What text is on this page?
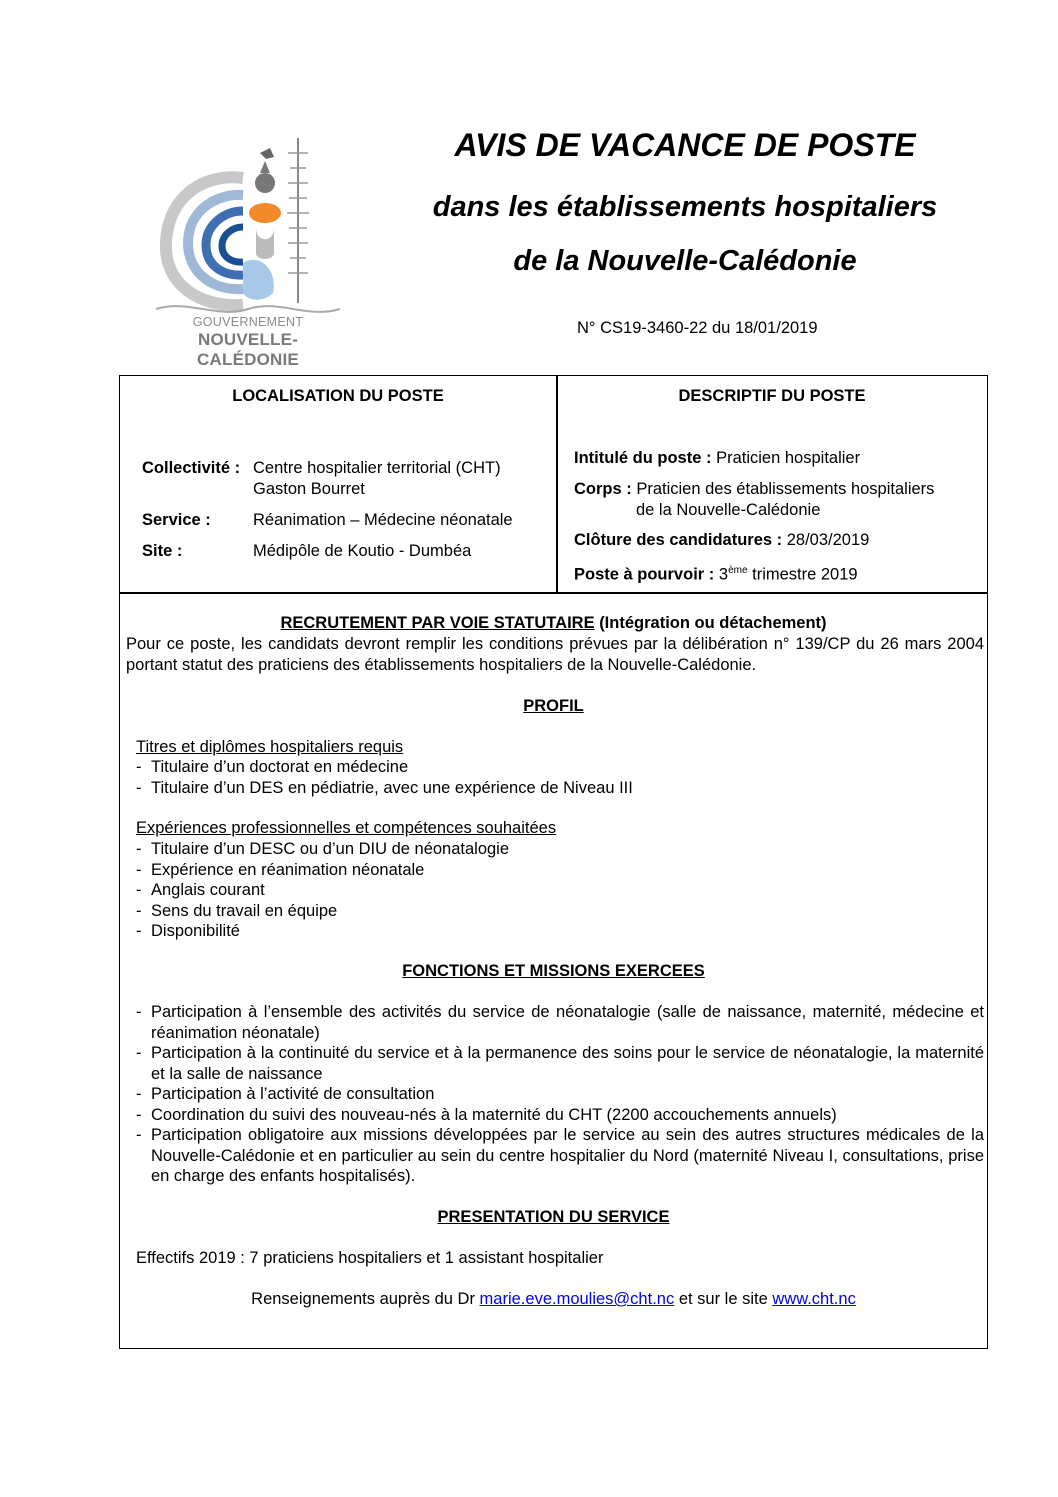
GOUVERNEMENT
NOUVELLE-CALÉDONIE
AVIS DE VACANCE DE POSTE
dans les établissements hospitaliers
de la Nouvelle-Calédonie
N° CS19-3460-22 du 18/01/2019
LOCALISATION DU POSTE
Collectivité : Centre hospitalier territorial (CHT)
Gaston Bourret
Service :	Réanimation – Médecine néonatale
Site :	Médipôle de Koutio - Dumbéa
DESCRIPTIF DU POSTE
Intitulé du poste : Praticien hospitalier
Corps : Praticien des établissements hospitaliers
de la Nouvelle-Calédonie
Clôture des candidatures : 28/03/2019
Poste à pourvoir : 3ème trimestre 2019
RECRUTEMENT PAR VOIE STATUTAIRE (Intégration ou détachement)
Pour ce poste, les candidats devront remplir les conditions prévues par la délibération n° 139/CP du 26 mars 2004 portant statut des praticiens des établissements hospitaliers de la Nouvelle-Calédonie.
PROFIL
Titres et diplômes hospitaliers requis
- Titulaire d’un doctorat en médecine
- Titulaire d’un DES en pédiatrie, avec une expérience de Niveau III
Expériences professionnelles et compétences souhaitées
- Titulaire d’un DESC ou d’un DIU de néonatalogie
- Expérience en réanimation néonatale
- Anglais courant
- Sens du travail en équipe
- Disponibilité
FONCTIONS ET MISSIONS EXERCEES
- Participation à l’ensemble des activités du service de néonatalogie (salle de naissance, maternité, médecine et réanimation néonatale)
- Participation à la continuité du service et à la permanence des soins pour le service de néonatalogie, la maternité et la salle de naissance
- Participation à l’activité de consultation
- Coordination du suivi des nouveau-nés à la maternité du CHT (2200 accouchements annuels)
- Participation obligatoire aux missions développées par le service au sein des autres structures médicales de la Nouvelle-Calédonie et en particulier au sein du centre hospitalier du Nord (maternité Niveau I, consultations, prise en charge des enfants hospitalisés).
PRESENTATION DU SERVICE
Effectifs 2019 : 7 praticiens hospitaliers et 1 assistant hospitalier
Renseignements auprès du Dr marie.eve.moulies@cht.nc et sur le site www.cht.nc
